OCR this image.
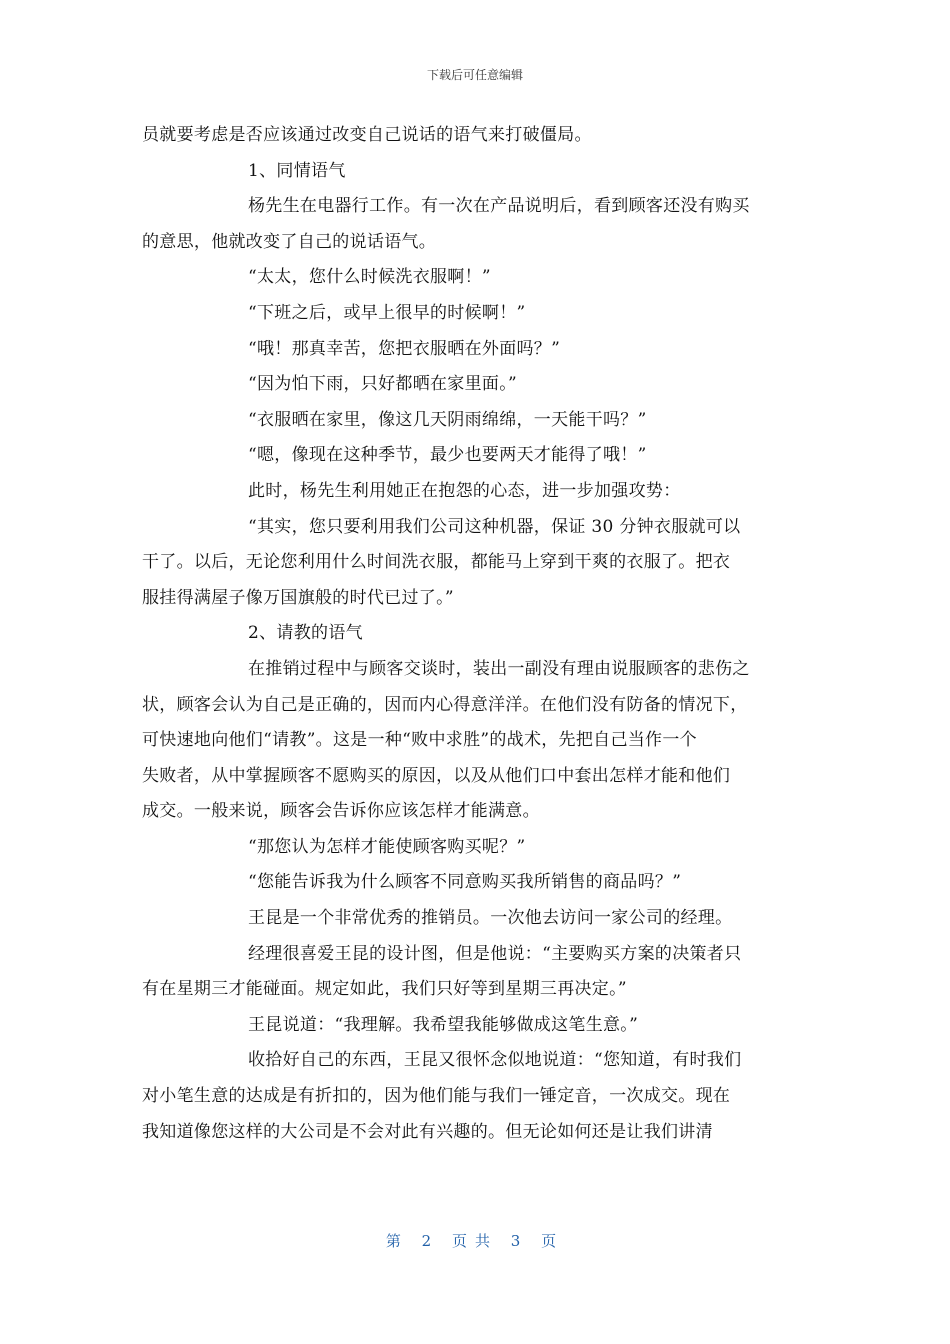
下载后可任意编辑
员就要考虑是否应该通过改变自己说话的语气来打破僵局。
1、同情语气
杨先生在电器行工作。有一次在产品说明后，看到顾客还没有购买
的意思，他就改变了自己的说话语气。
“太太，您什么时候洗衣服啊！”
“下班之后，或早上很早的时候啊！”
“哦！那真幸苦，您把衣服晒在外面吗？”
“因为怕下雨，只好都晒在家里面。”
“衣服晒在家里，像这几天阴雨绵绵，一天能干吗？”
“嗯，像现在这种季节，最少也要两天才能得了哦！”
此时，杨先生利用她正在抱怨的心态，进一步加强攻势：
“其实，您只要利用我们公司这种机器，保证 30 分钟衣服就可以
干了。以后，无论您利用什么时间洗衣服，都能马上穿到干爽的衣服了。把衣
服挂得满屋子像万国旗般的时代已过了。”
2、请教的语气
在推销过程中与顾客交谈时，装出一副没有理由说服顾客的悲伤之
状，顾客会认为自己是正确的，因而内心得意洋洋。在他们没有防备的情况下，
可快速地向他们“请教”。这是一种“败中求胜”的战术，先把自己当作一个
失败者，从中掌握顾客不愿购买的原因，以及从他们口中套出怎样才能和他们
成交。一般来说，顾客会告诉你应该怎样才能满意。
“那您认为怎样才能使顾客购买呢？”
“您能告诉我为什么顾客不同意购买我所销售的商品吗？”
王昆是一个非常优秀的推销员。一次他去访问一家公司的经理。
经理很喜爱王昆的设计图，但是他说：“主要购买方案的决策者只
有在星期三才能碰面。规定如此，我们只好等到星期三再决定。”
王昆说道：“我理解。我希望我能够做成这笔生意。”
收拾好自己的东西，王昆又很怀念似地说道：“您知道，有时我们
对小笔生意的达成是有折扣的，因为他们能与我们一锤定音，一次成交。现在
我知道像您这样的大公司是不会对此有兴趣的。但无论如何还是让我们讲清
第 2 页共 3 页
